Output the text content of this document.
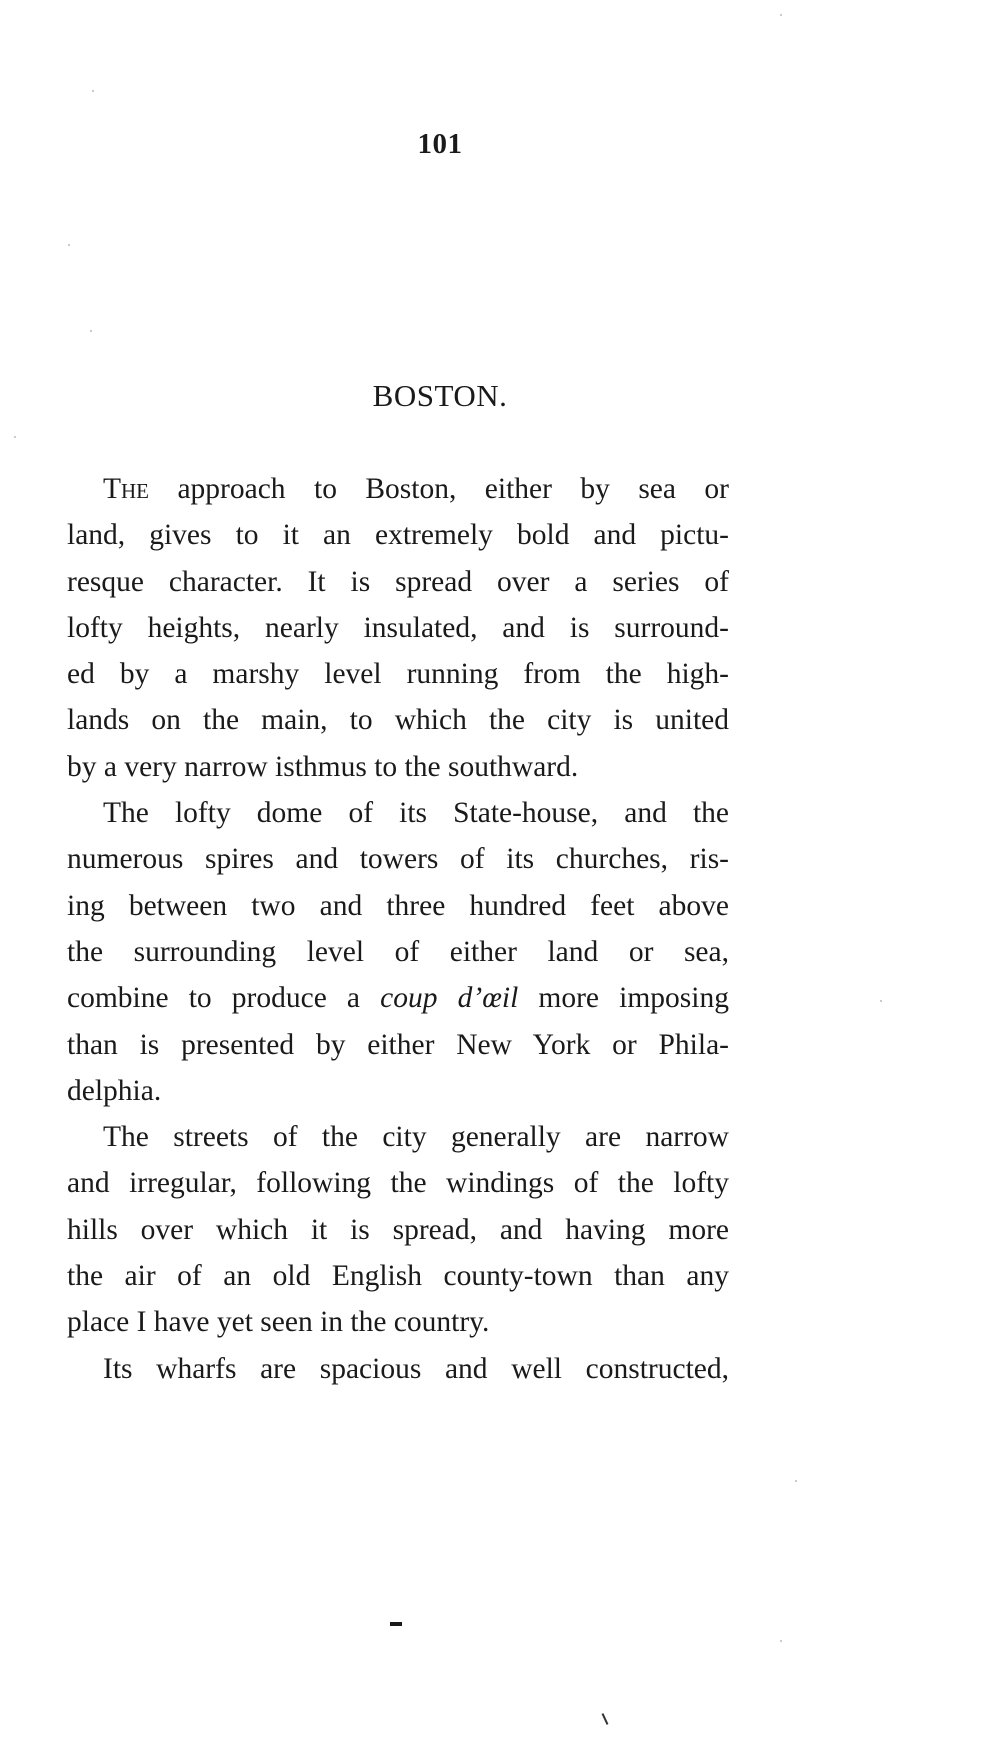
101
BOSTON.
The approach to Boston, either by sea or
land, gives to it an extremely bold and pictu-
resque character. It is spread over a series of
lofty heights, nearly insulated, and is surround-
ed by a marshy level running from the high-
lands on the main, to which the city is united
by a very narrow isthmus to the southward.
The lofty dome of its State-house, and the
numerous spires and towers of its churches, ris-
ing between two and three hundred feet above
the surrounding level of either land or sea,
combine to produce a coup d’œil more imposing
than is presented by either New York or Phila-
delphia.
The streets of the city generally are narrow
and irregular, following the windings of the lofty
hills over which it is spread, and having more
the air of an old English county-town than any
place I have yet seen in the country.
Its wharfs are spacious and well constructed,
